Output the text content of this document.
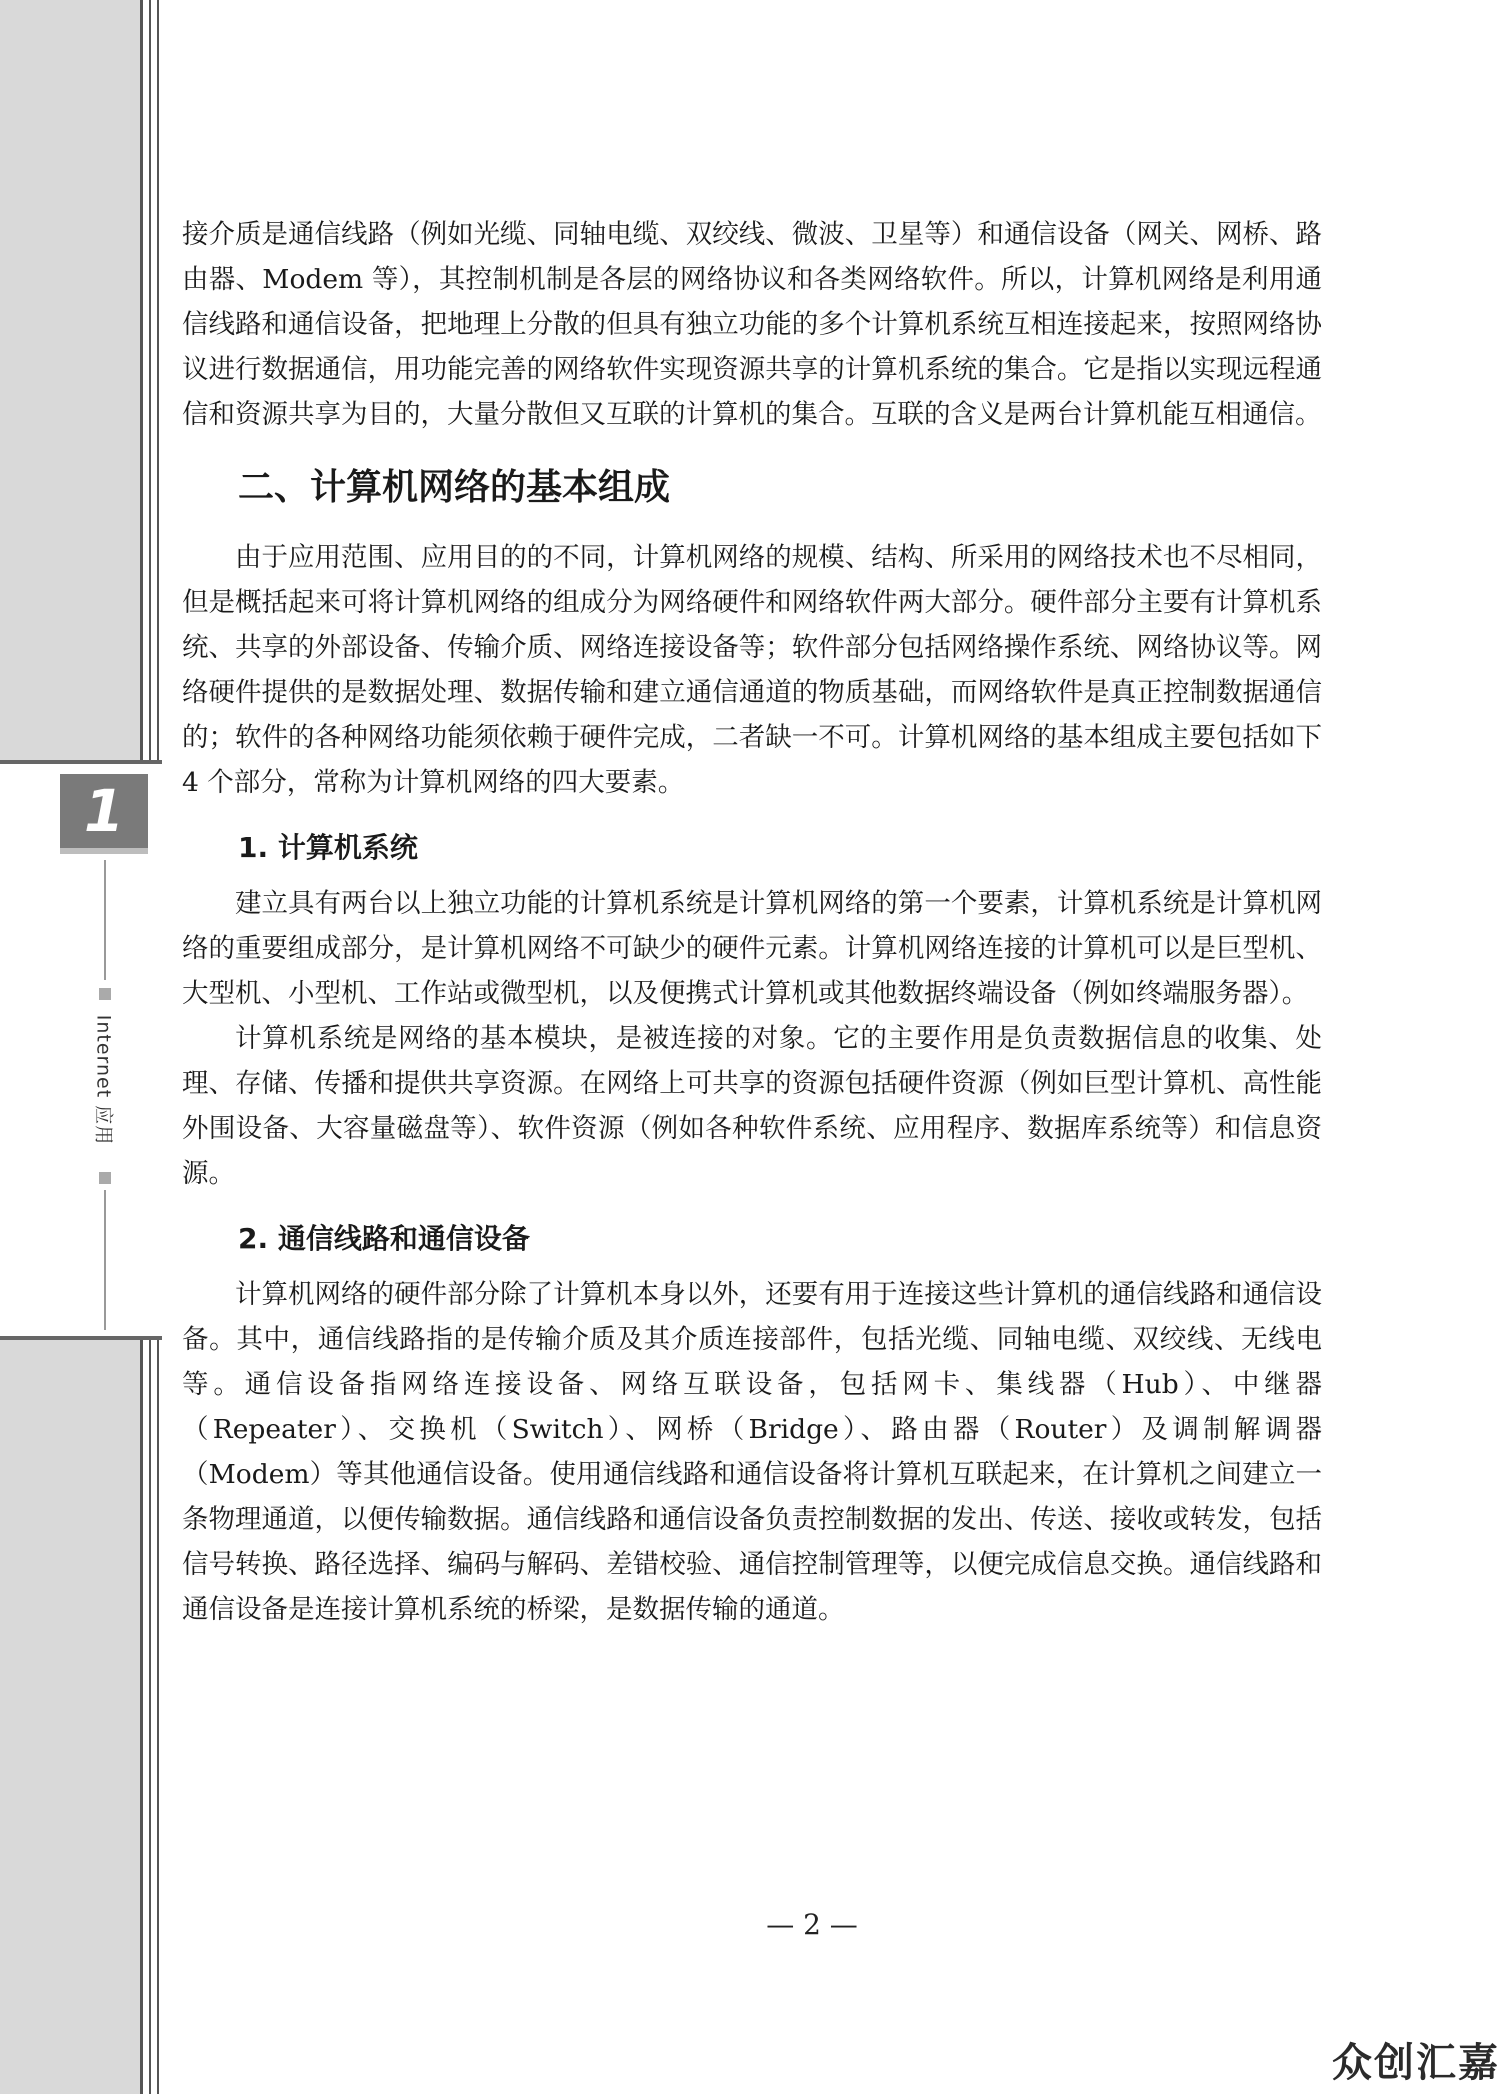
1
Internet 应用

接介质是通信线路（例如光缆、同轴电缆、双绞线、微波、卫星等）和通信设备（网关、网桥、路由器、Modem 等），其控制机制是各层的网络协议和各类网络软件。所以，计算机网络是利用通信线路和通信设备，把地理上分散的但具有独立功能的多个计算机系统互相连接起来，按照网络协议进行数据通信，用功能完善的网络软件实现资源共享的计算机系统的集合。它是指以实现远程通信和资源共享为目的，大量分散但又互联的计算机的集合。互联的含义是两台计算机能互相通信。

二、计算机网络的基本组成

由于应用范围、应用目的的不同，计算机网络的规模、结构、所采用的网络技术也不尽相同，但是概括起来可将计算机网络的组成分为网络硬件和网络软件两大部分。硬件部分主要有计算机系统、共享的外部设备、传输介质、网络连接设备等；软件部分包括网络操作系统、网络协议等。网络硬件提供的是数据处理、数据传输和建立通信通道的物质基础，而网络软件是真正控制数据通信的；软件的各种网络功能须依赖于硬件完成，二者缺一不可。计算机网络的基本组成主要包括如下 4 个部分，常称为计算机网络的四大要素。

1. 计算机系统

建立具有两台以上独立功能的计算机系统是计算机网络的第一个要素，计算机系统是计算机网络的重要组成部分，是计算机网络不可缺少的硬件元素。计算机网络连接的计算机可以是巨型机、大型机、小型机、工作站或微型机，以及便携式计算机或其他数据终端设备（例如终端服务器）。

计算机系统是网络的基本模块，是被连接的对象。它的主要作用是负责数据信息的收集、处理、存储、传播和提供共享资源。在网络上可共享的资源包括硬件资源（例如巨型计算机、高性能外围设备、大容量磁盘等）、软件资源（例如各种软件系统、应用程序、数据库系统等）和信息资源。

2. 通信线路和通信设备

计算机网络的硬件部分除了计算机本身以外，还要有用于连接这些计算机的通信线路和通信设备。其中，通信线路指的是传输介质及其介质连接部件，包括光缆、同轴电缆、双绞线、无线电等。通信设备指网络连接设备、网络互联设备，包括网卡、集线器（Hub）、中继器（Repeater）、交换机（Switch）、网桥（Bridge）、路由器（Router）及调制解调器（Modem）等其他通信设备。使用通信线路和通信设备将计算机互联起来，在计算机之间建立一条物理通道，以便传输数据。通信线路和通信设备负责控制数据的发出、传送、接收或转发，包括信号转换、路径选择、编码与解码、差错校验、通信控制管理等，以便完成信息交换。通信线路和通信设备是连接计算机系统的桥梁，是数据传输的通道。

— 2 —
众创汇嘉
